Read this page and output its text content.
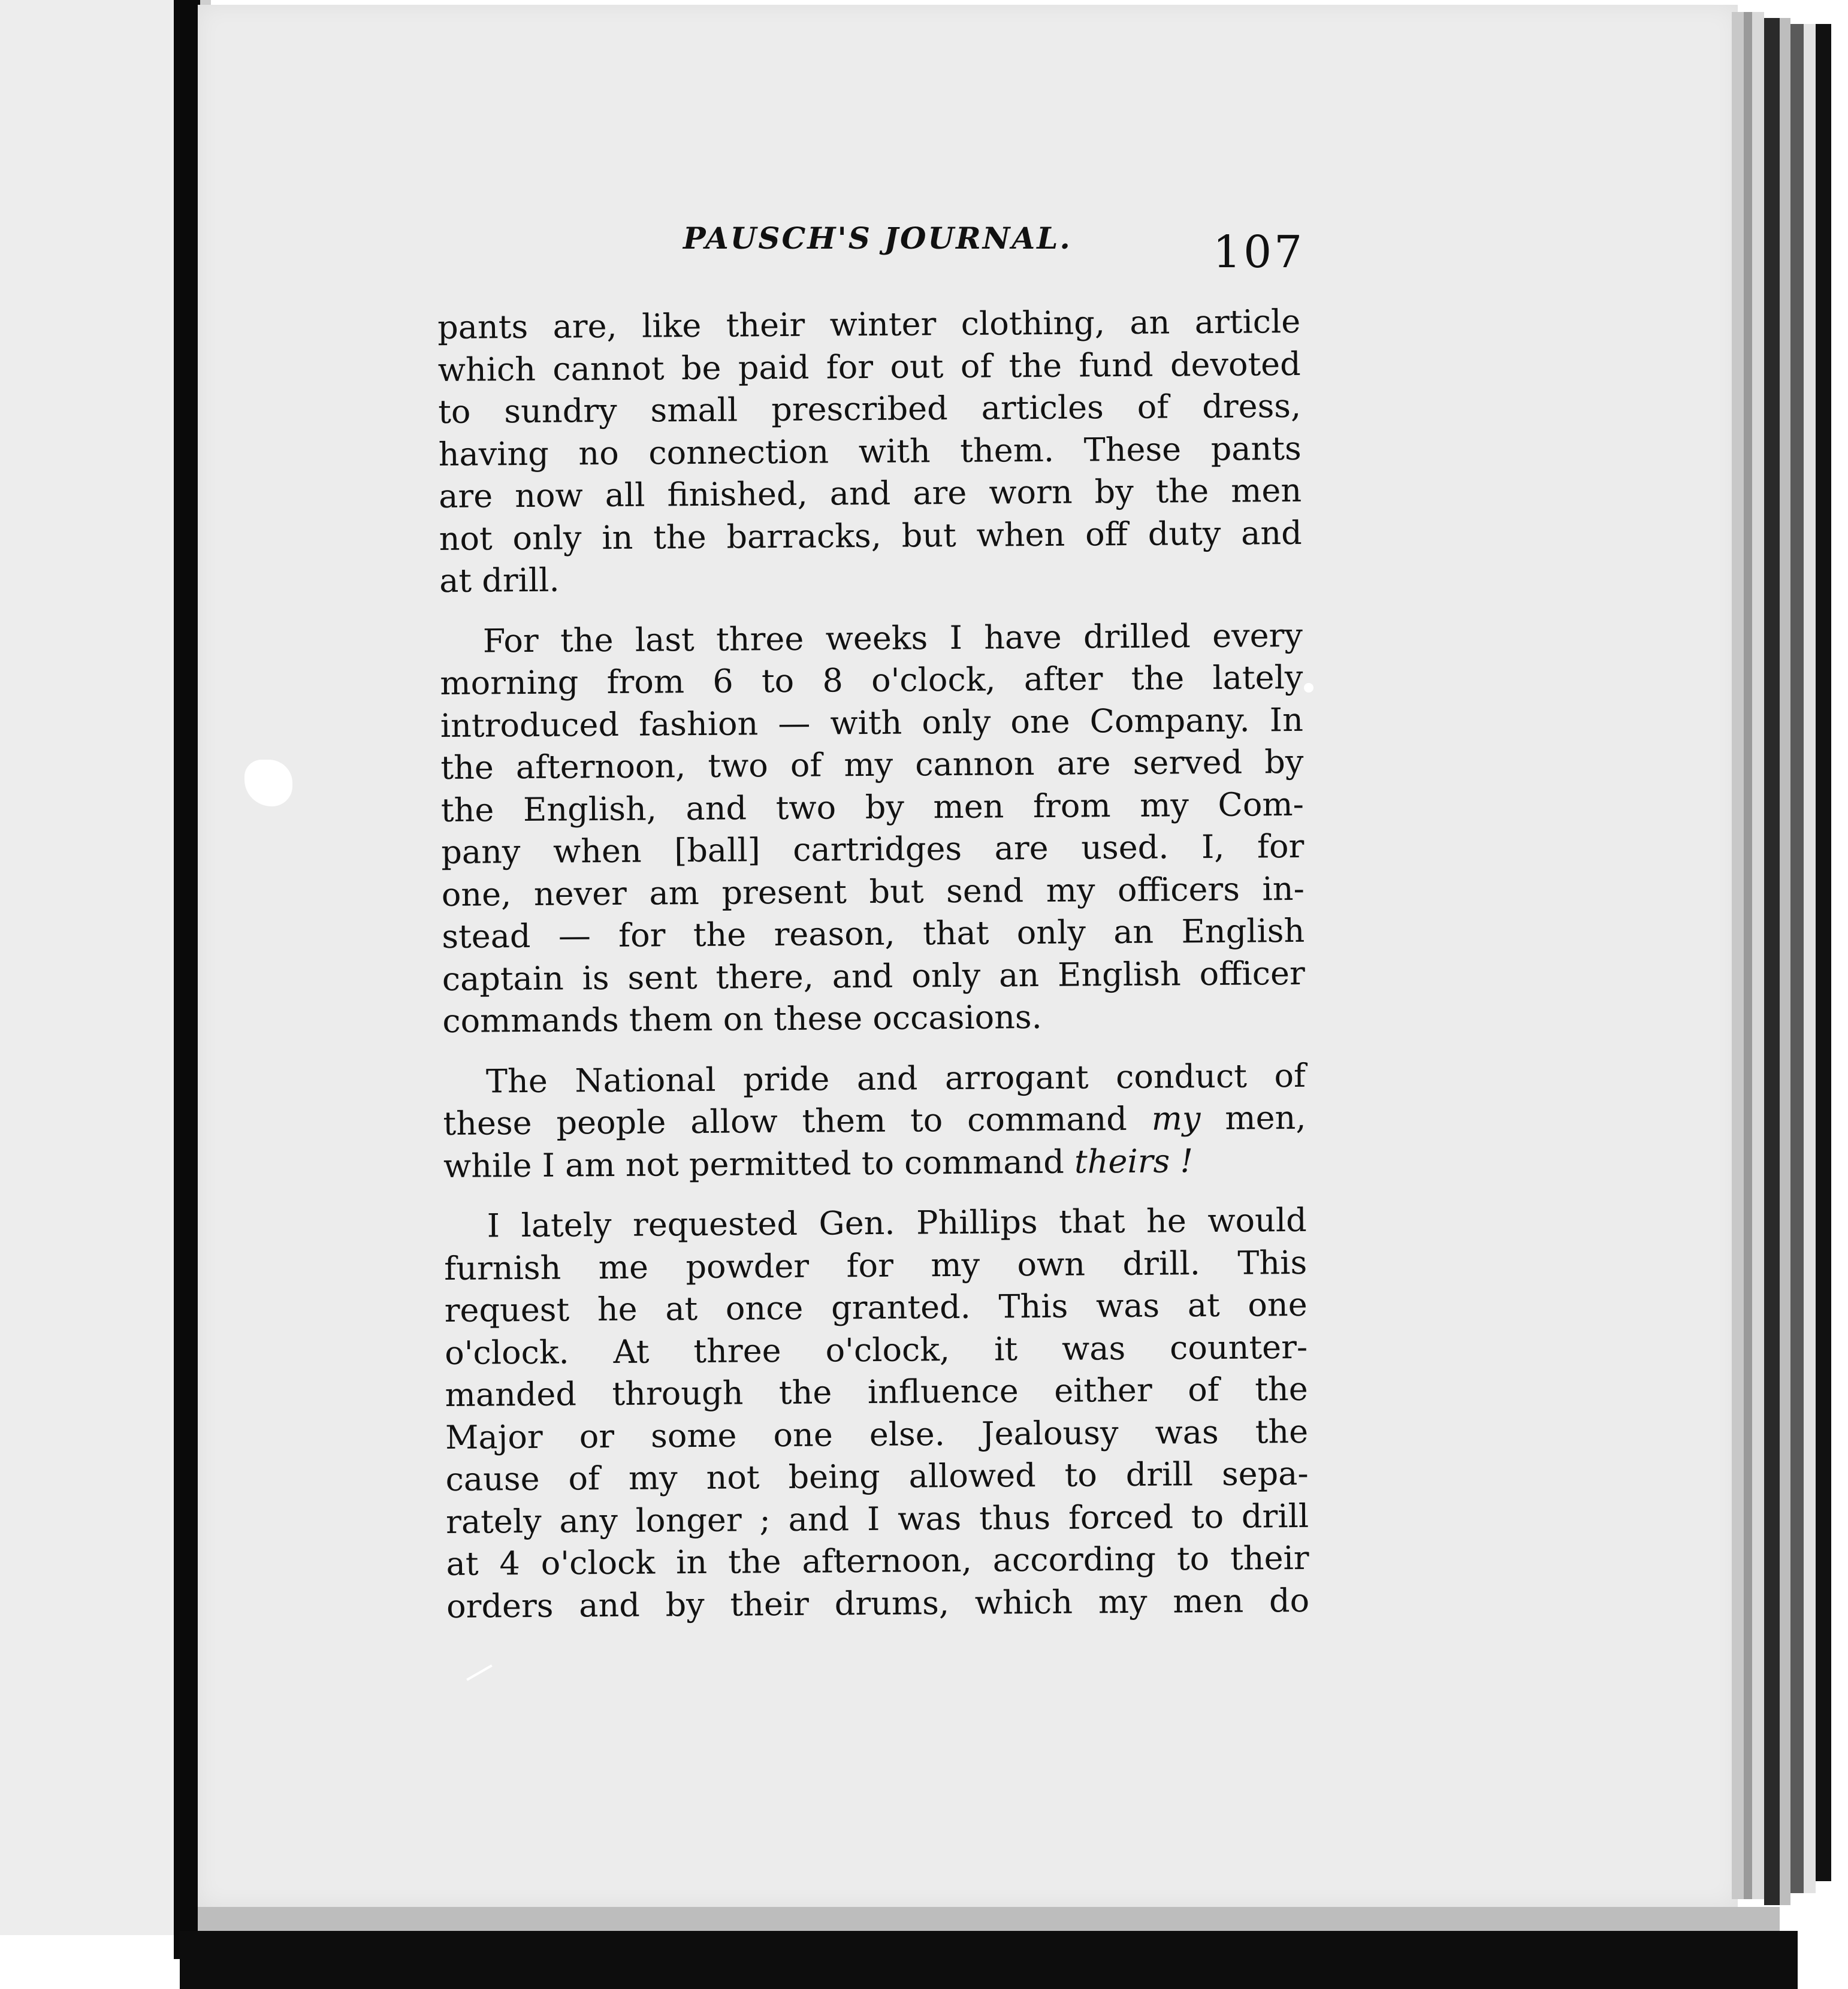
PAUSCH'S JOURNAL.	107
pants are, like their winter clothing, an article
which cannot be paid for out of the fund devoted
to sundry small prescribed articles of dress,
having no connection with them. These pants
are now all finished, and are worn by the men
not only in the barracks, but when off duty and
at drill.
For the last three weeks I have drilled every
morning from 6 to 8 o'clock, after the lately
introduced fashion — with only one Company. In
the afternoon, two of my cannon are served by
the English, and two by men from my Com-
pany when [ball] cartridges are used. I, for
one, never am present but send my officers in-
stead — for the reason, that only an English
captain is sent there, and only an English officer
commands them on these occasions.
The National pride and arrogant conduct of
these people allow them to command my men,
while I am not permitted to command theirs !
I lately requested Gen. Phillips that he would
furnish me powder for my own drill. This
request he at once granted. This was at one
o'clock. At three o'clock, it was counter-
manded through the influence either of the
Major or some one else. Jealousy was the
cause of my not being allowed to drill sepa-
rately any longer ; and I was thus forced to drill
at 4 o'clock in the afternoon, according to their
orders and by their drums, which my men do
